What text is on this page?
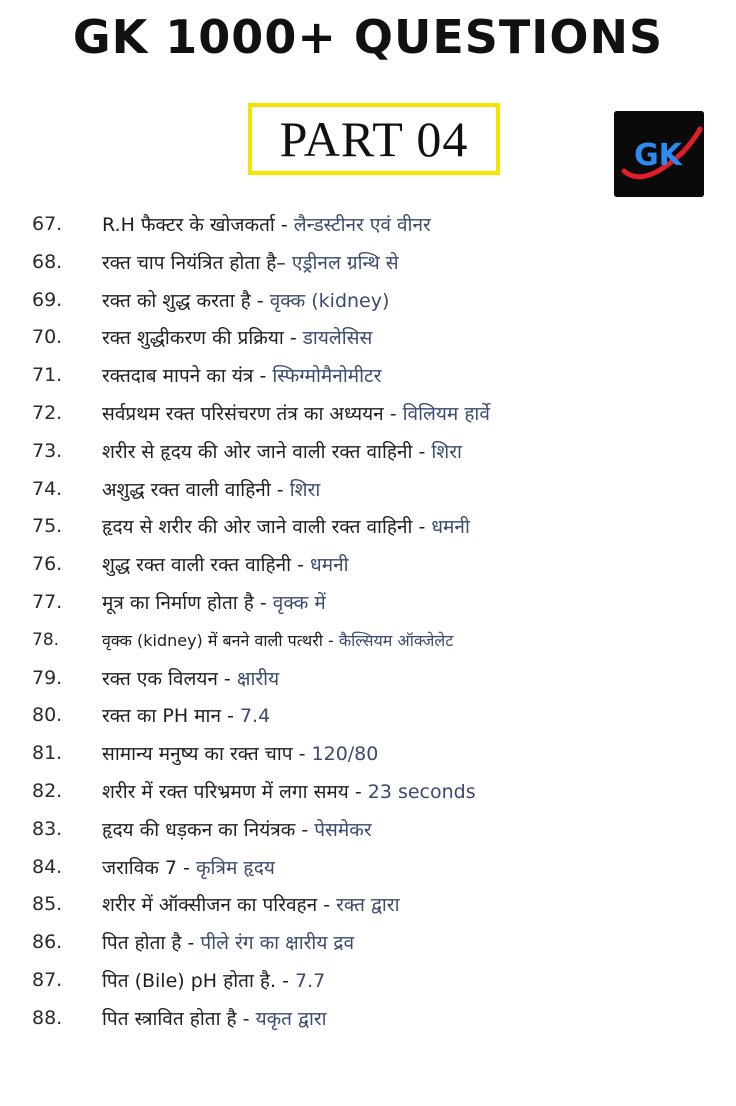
GK 1000+ QUESTIONS
PART 04	GK
67.	R.H फैक्टर के खोजकर्ता - लैन्डस्टीनर एवं वीनर
68.	रक्त चाप नियंत्रित होता है– एड्रीनल ग्रन्थि से
69.	रक्त को शुद्ध करता है - वृक्क (kidney)
70.	रक्त शुद्धीकरण की प्रक्रिया - डायलेसिस
71.	रक्तदाब मापने का यंत्र - स्फिग्मोमैनोमीटर
72.	सर्वप्रथम रक्त परिसंचरण तंत्र का अध्ययन - विलियम हार्वे
73.	शरीर से हृदय की ओर जाने वाली रक्त वाहिनी - शिरा
74.	अशुद्ध रक्त वाली वाहिनी - शिरा
75.	हृदय से शरीर की ओर जाने वाली रक्त वाहिनी - धमनी
76.	शुद्ध रक्त वाली रक्त वाहिनी - धमनी
77.	मूत्र का निर्माण होता है - वृक्क में
78.	वृक्क (kidney) में बनने वाली पत्थरी - कैल्सियम ऑक्जेलेट
79.	रक्त एक विलयन - क्षारीय
80.	रक्त का PH मान - 7.4
81.	सामान्य मनुष्य का रक्त चाप - 120/80
82.	शरीर में रक्त परिभ्रमण में लगा समय - 23 seconds
83.	हृदय की धड़कन का नियंत्रक - पेसमेकर
84.	जराविक 7 - कृत्रिम हृदय
85.	शरीर में ऑक्सीजन का परिवहन - रक्त द्वारा
86.	पित होता है - पीले रंग का क्षारीय द्रव
87.	पित (Bile) pH होता है. - 7.7
88.	पित स्त्रावित होता है - यकृत द्वारा
